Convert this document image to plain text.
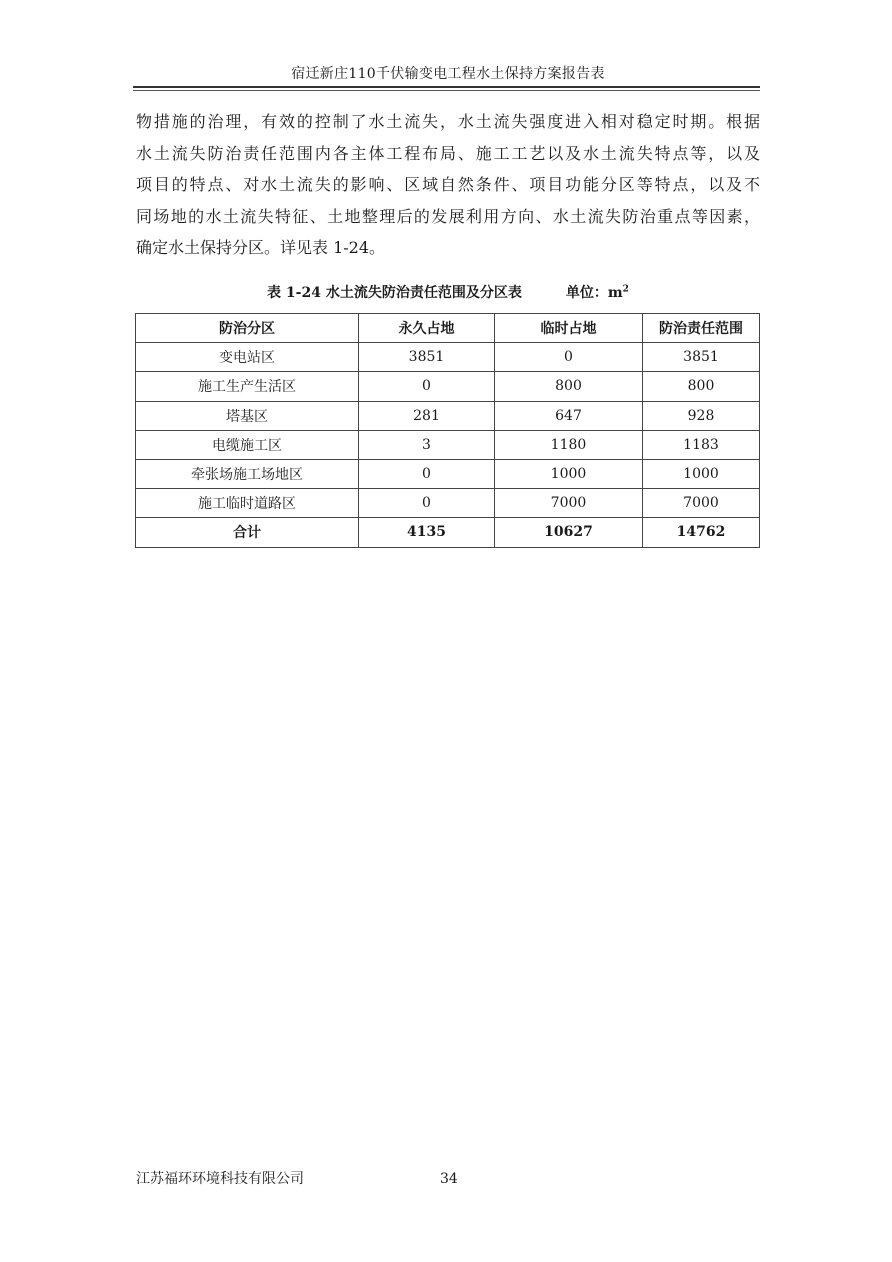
宿迁新庄110千伏输变电工程水土保持方案报告表
物措施的治理，有效的控制了水土流失，水土流失强度进入相对稳定时期。根据
水土流失防治责任范围内各主体工程布局、施工工艺以及水土流失特点等，以及
项目的特点、对水土流失的影响、区域自然条件、项目功能分区等特点，以及不
同场地的水土流失特征、土地整理后的发展利用方向、水土流失防治重点等因素，
确定水土保持分区。详见表 1-24。
表 1-24 水土流失防治责任范围及分区表	单位：$m^2$
防治分区	永久占地	临时占地	防治责任范围
变电站区	3851	0	3851
施工生产生活区	0	800	800
塔基区	281	647	928
电缆施工区	3	1180	1183
牵张场施工场地区	0	1000	1000
施工临时道路区	0	7000	7000
合计	4135	10627	14762
江苏福环环境科技有限公司	34
